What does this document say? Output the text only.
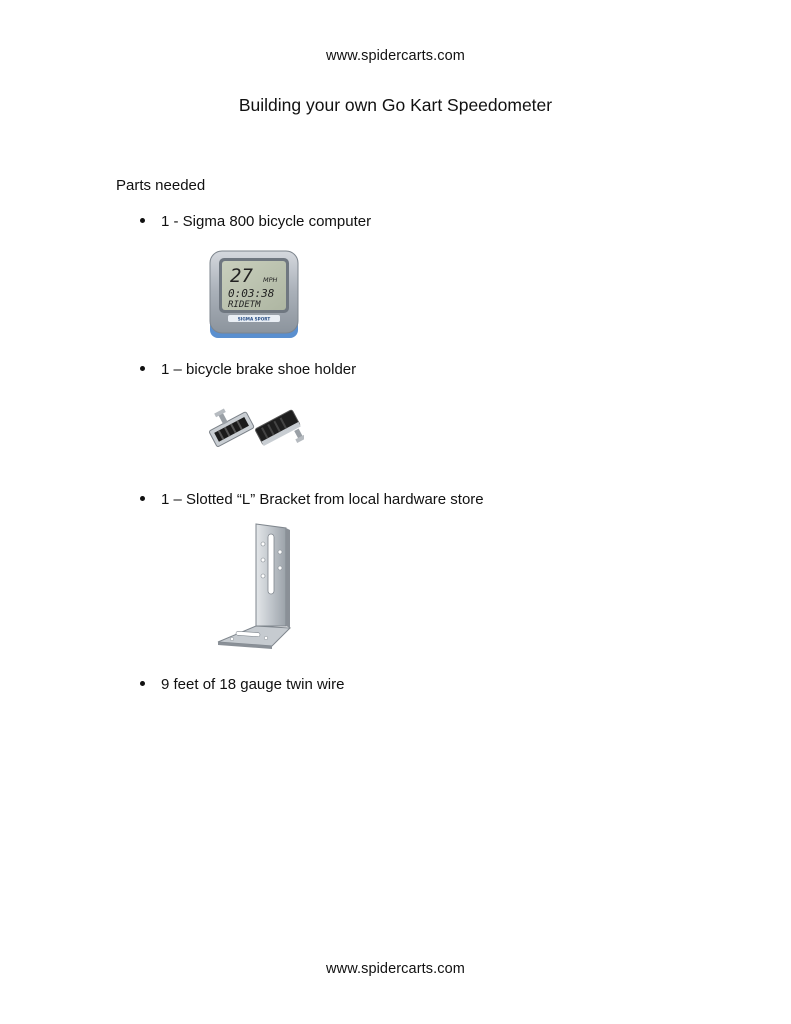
www.spidercarts.com
Building your own Go Kart Speedometer
Parts needed
1 - Sigma 800 bicycle computer
27 MPH
0:03:38
RIDETM
SIGMA SPORT
1 – bicycle brake shoe holder
1 – Slotted “L” Bracket from local hardware store
9 feet of 18 gauge twin wire
www.spidercarts.com
